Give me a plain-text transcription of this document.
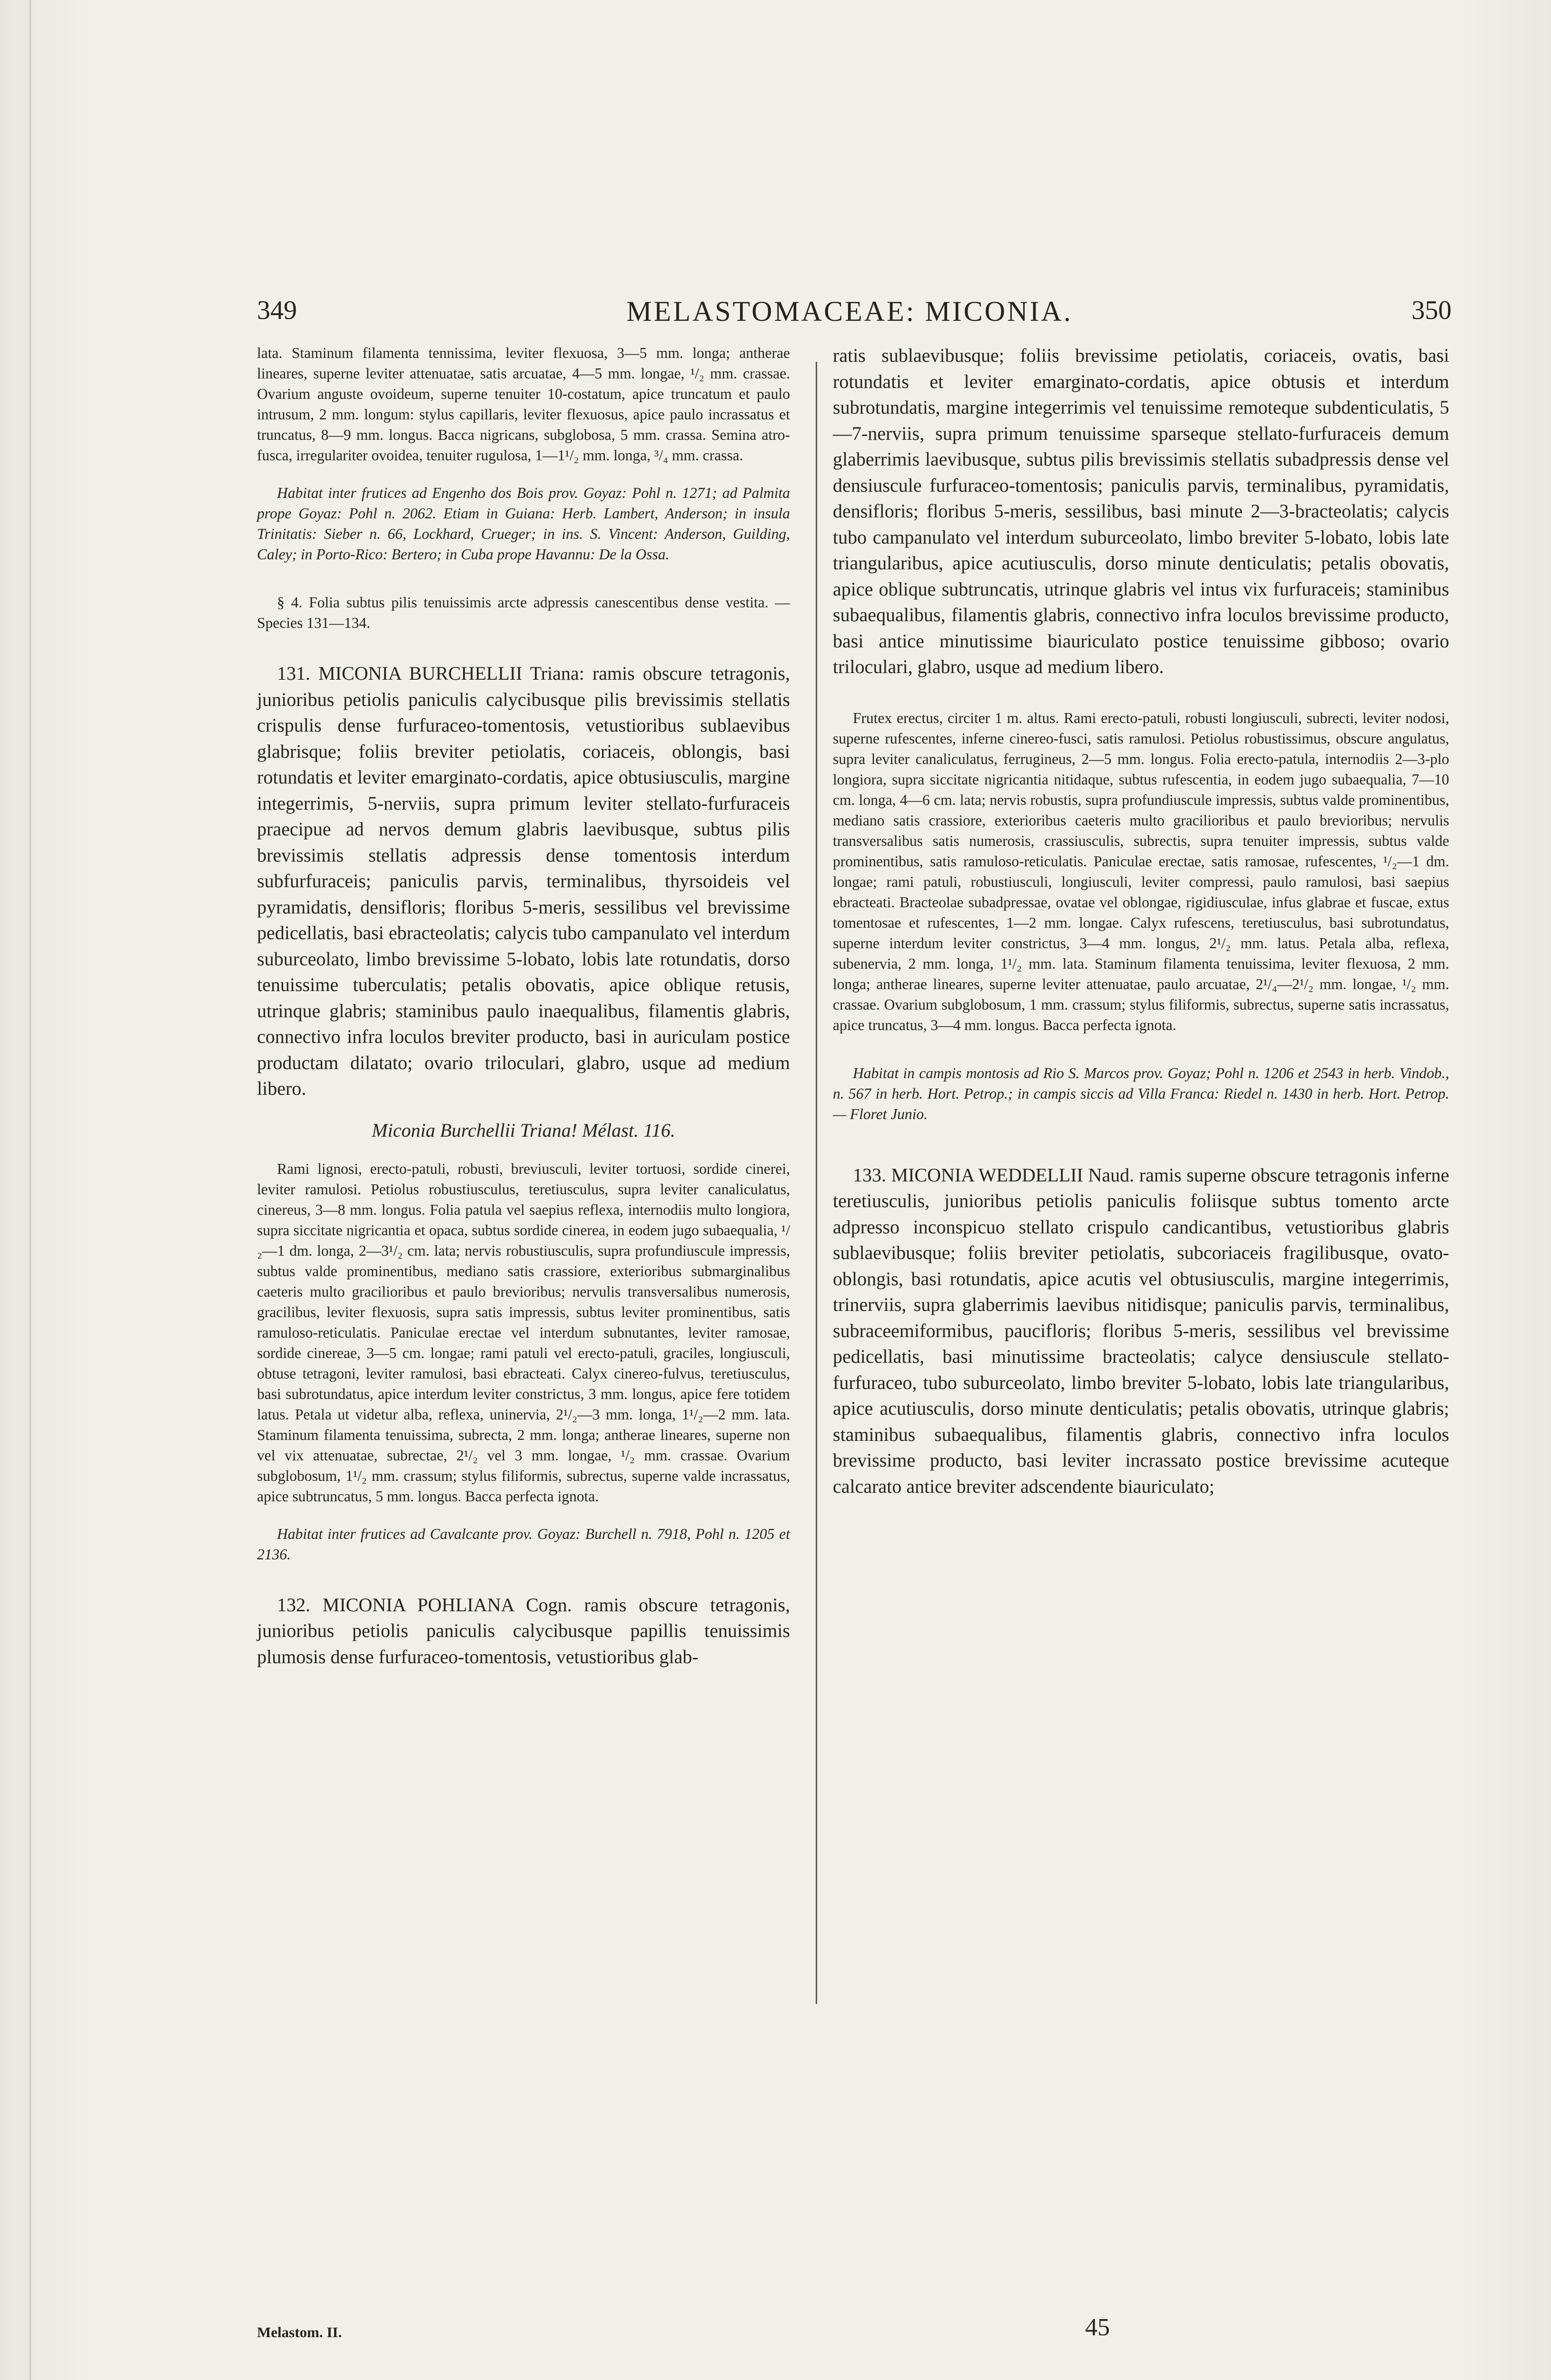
349	MELASTOMACEAE: MICONIA.	350

lata. Staminum filamenta tennissima, leviter flexuosa, 3—5 mm. longa; antherae lineares, superne leviter attenuatae, satis arcuatae, 4—5 mm. longae, ¹/₂ mm. crassae. Ovarium anguste ovoideum, superne tenuiter 10-costatum, apice truncatum et paulo intrusum, 2 mm. longum: stylus capillaris, leviter flexuosus, apice paulo incrassatus et truncatus, 8—9 mm. longus. Bacca nigricans, subglobosa, 5 mm. crassa. Semina atro-fusca, irregulariter ovoidea, tenuiter rugulosa, 1—1¹/₂ mm. longa, ³/₄ mm. crassa.

Habitat inter frutices ad Engenho dos Bois prov. Goyaz: Pohl n. 1271; ad Palmita prope Goyaz: Pohl n. 2062. Etiam in Guiana: Herb. Lambert, Anderson; in insula Trinitatis: Sieber n. 66, Lockhard, Crueger; in ins. S. Vincent: Anderson, Guilding, Caley; in Porto-Rico: Bertero; in Cuba prope Havannu: De la Ossa.

§ 4. Folia subtus pilis tenuissimis arcte adpressis canescentibus dense vestita. — Species 131—134.

131. MICONIA BURCHELLII Triana: ramis obscure tetragonis, junioribus petiolis paniculis calycibusque pilis brevissimis stellatis crispulis dense furfuraceo-tomentosis, vetustioribus sublaevibus glabrisque; foliis breviter petiolatis, coriaceis, oblongis, basi rotundatis et leviter emarginato-cordatis, apice obtusiusculis, margine integerrimis, 5-nerviis, supra primum leviter stellato-furfuraceis praecipue ad nervos demum glabris laevibusque, subtus pilis brevissimis stellatis adpressis dense tomentosis interdum subfurfuraceis; paniculis parvis, terminalibus, thyrsoideis vel pyramidatis, densifloris; floribus 5-meris, sessilibus vel brevissime pedicellatis, basi ebracteolatis; calycis tubo campanulato vel interdum suburceolato, limbo brevissime 5-lobato, lobis late rotundatis, dorso tenuissime tuberculatis; petalis obovatis, apice oblique retusis, utrinque glabris; staminibus paulo inaequalibus, filamentis glabris, connectivo infra loculos breviter producto, basi in auriculam posticе productam dilatato; ovario triloculari, glabro, usque ad medium libero.

Miconia Burchellii Triana! Mélast. 116.

Rami lignosi, erecto-patuli, robusti, breviusculi, leviter tortuosi, sordide cinerei, leviter ramulosi. Petiolus robustiusculus, teretiusculus, supra leviter canaliculatus, cinereus, 3—8 mm. longus. Folia patula vel saepius reflexa, internodiis multo longiora, supra siccitate nigricantia et opaca, subtus sordide cinerea, in eodem jugo subaequalia, ¹/₂—1 dm. longa, 2—3¹/₂ cm. lata; nervis robustiusculis, supra profundiuscule impressis, subtus valde prominentibus, mediano satis crassiore, exterioribus submarginalibus caeteris multo gracilioribus et paulo brevioribus; nervulis transversalibus numerosis, gracilibus, leviter flexuosis, supra satis impressis, subtus leviter prominentibus, satis ramuloso-reticulatis. Paniculae erectae vel interdum subnutantes, leviter ramosae, sordide cinereae, 3—5 cm. longae; rami patuli vel erecto-patuli, graciles, longiusculi, obtuse tetragoni, leviter ramulosi, basi ebracteati. Calyx cinereo-fulvus, teretiusculus, basi subrotundatus, apice interdum leviter constrictus, 3 mm. longus, apice fere totidem latus. Petala ut videtur alba, reflexa, uninervia, 2¹/₂—3 mm. longa, 1¹/₂—2 mm. lata. Staminum filamenta tenuissima, subrecta, 2 mm. longa; antherae lineares, superne non vel vix attenuatae, subrectae, 2¹/₂ vel 3 mm. longae, ¹/₂ mm. crassae. Ovarium subglobosum, 1¹/₂ mm. crassum; stylus filiformis, subrectus, superne valde incrassatus, apice subtruncatus, 5 mm. longus. Bacca perfecta ignota.

Habitat inter frutices ad Cavalcante prov. Goyaz: Burchell n. 7918, Pohl n. 1205 et 2136.

132. MICONIA POHLIANA Cogn. ramis obscure tetragonis, junioribus petiolis paniculis calycibusque papillis tenuissimis plumosis dense furfuraceo-tomentosis, vetustioribus glab-

ratis sublaevibusque; foliis brevissime petiolatis, coriaceis, ovatis, basi rotundatis et leviter emarginato-cordatis, apice obtusis et interdum subrotundatis, margine integerrimis vel tenuissime remoteque subdenticulatis, 5—7-nerviis, supra primum tenuissime sparseque stellato-furfuraceis demum glaberrimis laevibusque, subtus pilis brevissimis stellatis subadpressis dense vel densiuscule furfuraceo-tomentosis; paniculis parvis, terminalibus, pyramidatis, densifloris; floribus 5-meris, sessilibus, basi minute 2—3-bracteolatis; calycis tubo campanulato vel interdum suburceolato, limbo breviter 5-lobato, lobis late triangularibus, apice acutiusculis, dorso minute denticulatis; petalis obovatis, apice oblique subtruncatis, utrinque glabris vel intus vix furfuraceis; staminibus subaequalibus, filamentis glabris, connectivo infra loculos brevissime producto, basi antice minutissime biauriculato postice tenuissime gibboso; ovario triloculari, glabro, usque ad medium libero.

Frutex erectus, circiter 1 m. altus. Rami erecto-patuli, robusti longiusculi, subrecti, leviter nodosi, superne rufescentes, inferne cinereo-fusci, satis ramulosi. Petiolus robustissimus, obscure angulatus, supra leviter canaliculatus, ferrugineus, 2—5 mm. longus. Folia erecto-patula, internodiis 2—3-plo longiora, supra siccitate nigricantia nitidaque, subtus rufescentia, in eodem jugo subaequalia, 7—10 cm. longa, 4—6 cm. lata; nervis robustis, supra profundiuscule impressis, subtus valde prominentibus, mediano satis crassiore, exterioribus caeteris multo gracilioribus et paulo brevioribus; nervulis transversalibus satis numerosis, crassiusculis, subrectis, supra tenuiter impressis, subtus valde prominentibus, satis ramuloso-reticulatis. Paniculae erectae, satis ramosae, rufescentes, ¹/₂—1 dm. longae; rami patuli, robustiusculi, longiusculi, leviter compressi, paulo ramulosi, basi saepius ebracteati. Bracteolae subadpressae, ovatae vel oblongae, rigidiusculae, infus glabrae et fuscae, extus tomentosae et rufescentes, 1—2 mm. longae. Calyx rufescens, teretiusculus, basi subrotundatus, superne interdum leviter constrictus, 3—4 mm. longus, 2¹/₂ mm. latus. Petala alba, reflexa, subenervia, 2 mm. longa, 1¹/₂ mm. lata. Staminum filamenta tenuissima, leviter flexuosa, 2 mm. longa; antherae lineares, superne leviter attenuatae, paulo arcuatae, 2¹/₄—2¹/₂ mm. longae, ¹/₂ mm. crassae. Ovarium subglobosum, 1 mm. crassum; stylus filiformis, subrectus, superne satis incrassatus, apice truncatus, 3—4 mm. longus. Bacca perfecta ignota.

Habitat in campis montosis ad Rio S. Marcos prov. Goyaz; Pohl n. 1206 et 2543 in herb. Vindob., n. 567 in herb. Hort. Petrop.; in campis siccis ad Villa Franca: Riedel n. 1430 in herb. Hort. Petrop. — Floret Junio.

133. MICONIA WEDDELLII Naud. ramis superne obscure tetragonis inferne teretiusculis, junioribus petiolis paniculis foliisque subtus tomento arcte adpresso inconspicuo stellato crispulo candicantibus, vetustioribus glabris sublaevibusque; foliis breviter petiolatis, subcoriaceis fragilibusque, ovato-oblongis, basi rotundatis, apice acutis vel obtusiusculis, margine integerrimis, trinerviis, supra glaberrimis laevibus nitidisque; paniculis parvis, terminalibus, subraceemiformibus, paucifloris; floribus 5-meris, sessilibus vel brevissime pedicellatis, basi minutissime bracteolatis; calyce densiuscule stellato-furfuraceo, tubo suburceolato, limbo breviter 5-lobato, lobis late triangularibus, apice acutiusculis, dorso minute denticulatis; petalis obovatis, utrinque glabris; staminibus subaequalibus, filamentis glabris, connectivo infra loculos brevissime producto, basi leviter incrassato postice brevissime acuteque calcarato antice breviter adscendente biauriculato;

Melastom. II.	45
